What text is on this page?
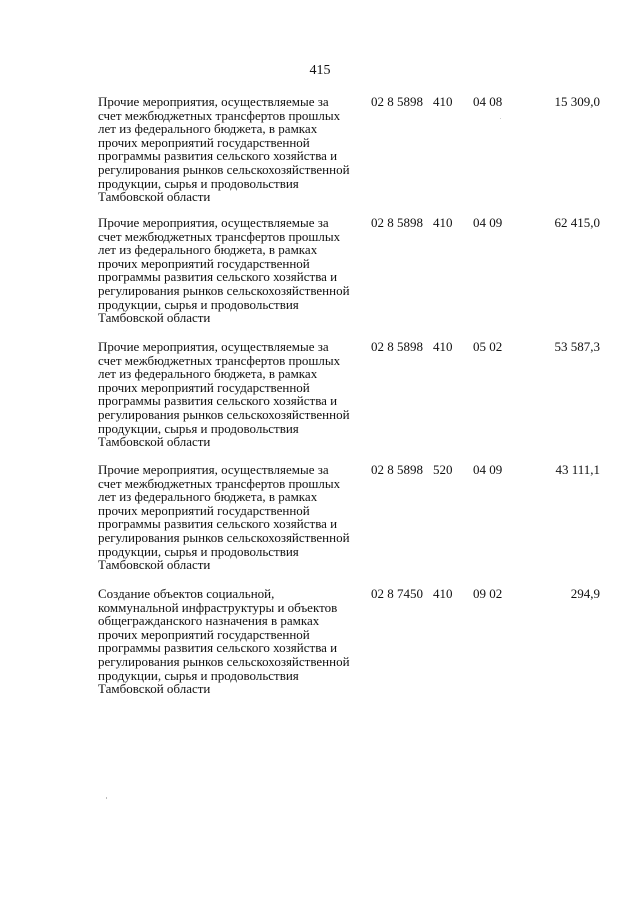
415
Прочие мероприятия, осуществляемые за
счет межбюджетных трансфертов прошлых
лет из федерального бюджета, в рамках
прочих мероприятий государственной
программы развития сельского хозяйства и
регулирования рынков сельскохозяйственной
продукции, сырья и продовольствия
Тамбовской области
02 8 5898 410 04 08	15 309,0
Прочие мероприятия, осуществляемые за
счет межбюджетных трансфертов прошлых
лет из федерального бюджета, в рамках
прочих мероприятий государственной
программы развития сельского хозяйства и
регулирования рынков сельскохозяйственной
продукции, сырья и продовольствия
Тамбовской области
02 8 5898 410 04 09	62 415,0
Прочие мероприятия, осуществляемые за
счет межбюджетных трансфертов прошлых
лет из федерального бюджета, в рамках
прочих мероприятий государственной
программы развития сельского хозяйства и
регулирования рынков сельскохозяйственной
продукции, сырья и продовольствия
Тамбовской области
02 8 5898 410 05 02	53 587,3
Прочие мероприятия, осуществляемые за
счет межбюджетных трансфертов прошлых
лет из федерального бюджета, в рамках
прочих мероприятий государственной
программы развития сельского хозяйства и
регулирования рынков сельскохозяйственной
продукции, сырья и продовольствия
Тамбовской области
02 8 5898 520 04 09	43 111,1
Создание объектов социальной,
коммунальной инфраструктуры и объектов
общегражданского назначения в рамках
прочих мероприятий государственной
программы развития сельского хозяйства и
регулирования рынков сельскохозяйственной
продукции, сырья и продовольствия
Тамбовской области
02 8 7450 410 09 02	294,9
